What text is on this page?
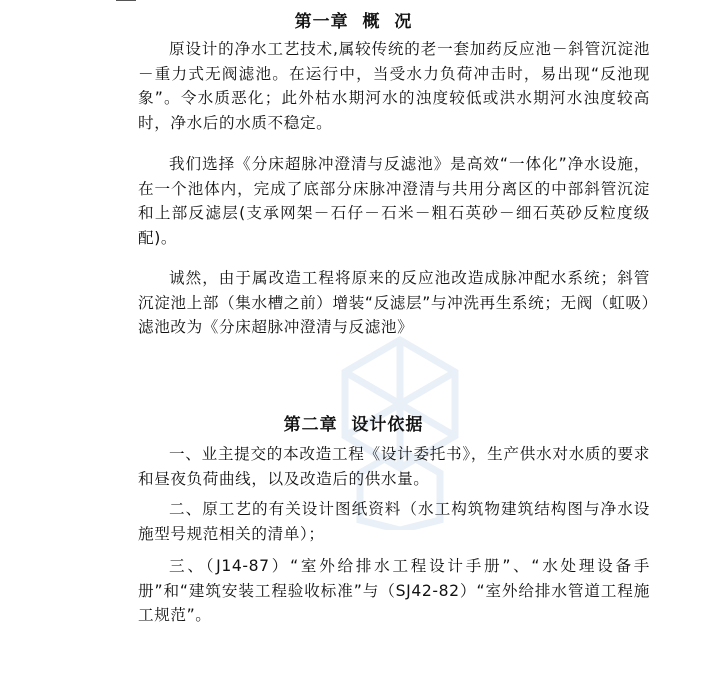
第一章  概  况

原设计的净水工艺技术,属较传统的老一套加药反应池－斜管沉淀池－重力式无阀滤池。在运行中，当受水力负荷冲击时，易出现“反池现象”。令水质恶化；此外枯水期河水的浊度较低或洪水期河水浊度较高时，净水后的水质不稳定。

我们选择《分床超脉冲澄清与反滤池》是高效“一体化”净水设施，在一个池体内，完成了底部分床脉冲澄清与共用分离区的中部斜管沉淀和上部反滤层(支承网架－石仔－石米－粗石英砂－细石英砂反粒度级配)。

诚然，由于属改造工程将原来的反应池改造成脉冲配水系统；斜管沉淀池上部（集水槽之前）增装“反滤层”与冲洗再生系统；无阀（虹吸）滤池改为《分床超脉冲澄清与反滤池》

第二章  设计依据

一、业主提交的本改造工程《设计委托书》，生产供水对水质的要求和昼夜负荷曲线，以及改造后的供水量。

二、原工艺的有关设计图纸资料（水工构筑物建筑结构图与净水设施型号规范相关的清单）；

三、（J14-87）“室外给排水工程设计手册”、“水处理设备手册”和“建筑安装工程验收标准”与（SJ42-82）“室外给排水管道工程施工规范”。
